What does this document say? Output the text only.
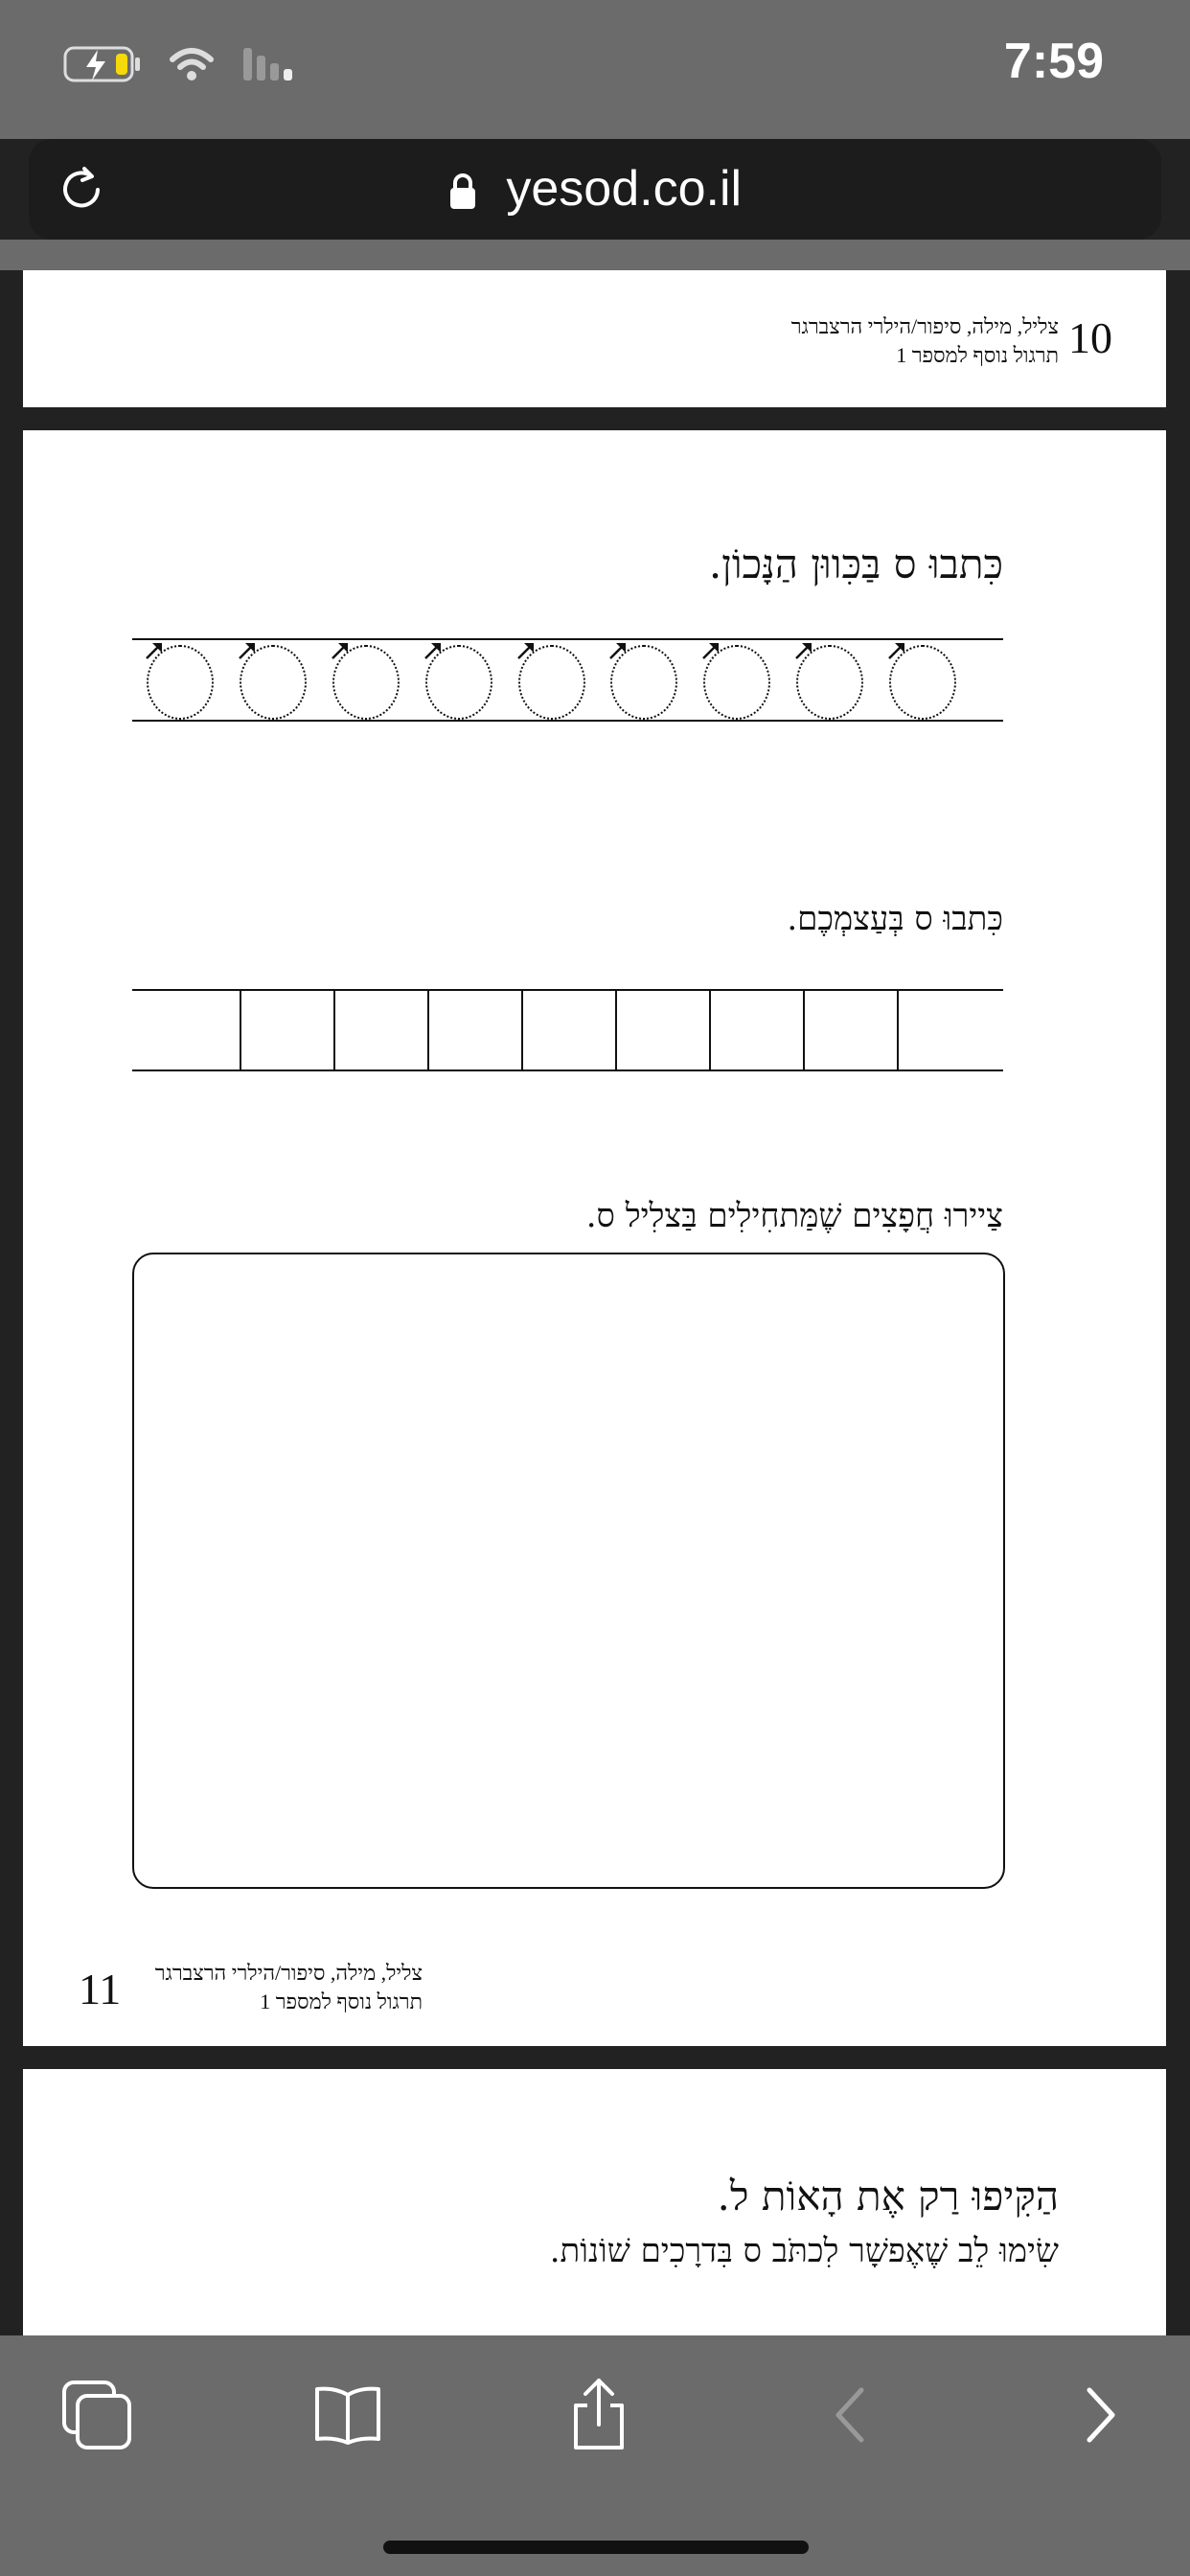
7:59
yesod.co.il
צליל, מילה, סיפור/הילרי הרצברגר
תרגול נוסף למספר 1 10
כִּתבוּ ס בַּכִּווּן הַנָּכוֹן.
כִּתבוּ ס בְּעַצמְכֶם.
צַיירוּ חֲפָצִים שֶׁמַּתחִילִים בַּצלִיל ס.
צליל, מילה, סיפור/הילרי הרצברגר
תרגול נוסף למספר 1
11
הַקִּיפוּ רַק אֶת הָאוֹת ל.
שִׂימוּ לֵב שֶׁאֶפשָׁר לִכתֹּב ס בִּדרָכִים שׁוֹנוֹת.
